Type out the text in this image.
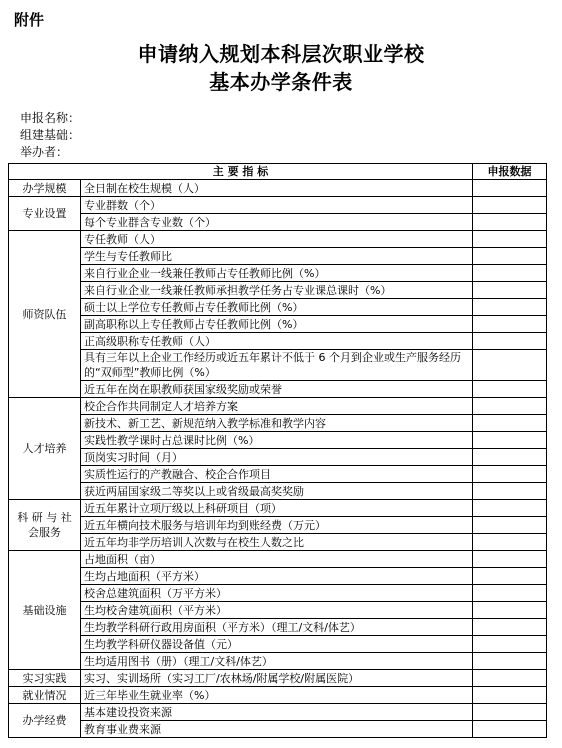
附件
申请纳入规划本科层次职业学校
基本办学条件表
申报名称：
组建基础：
举办者：
主 要 指 标		申报数据
办学规模	全日制在校生规模（人）	
专业设置	专业群数（个）	
	每个专业群含专业数（个）	
师资队伍	专任教师（人）	
	学生与专任教师比	
	来自行业企业一线兼任教师占专任教师比例（%）	
	来自行业企业一线兼任教师承担教学任务占专业课总课时（%）	
	硕士以上学位专任教师占专任教师比例（%）	
	副高职称以上专任教师占专任教师比例（%）	
	正高级职称专任教师（人）	
	具有三年以上企业工作经历或近五年累计不低于 6 个月到企业或生产服务经历的“双师型”教师比例（%）	
	近五年在岗在职教师获国家级奖励或荣誉	
人才培养	校企合作共同制定人才培养方案	
	新技术、新工艺、新规范纳入教学标准和教学内容	
	实践性教学课时占总课时比例（%）	
	顶岗实习时间（月）	
	实质性运行的产教融合、校企合作项目	
	获近两届国家级二等奖以上或省级最高奖奖励	
科 研 与 社会服务	近五年累计立项厅级以上科研项目（项）	
	近五年横向技术服务与培训年均到账经费（万元）	
	近五年均非学历培训人次数与在校生人数之比	
基础设施	占地面积（亩）	
	生均占地面积（平方米）	
	校舍总建筑面积（万平方米）	
	生均校舍建筑面积（平方米）	
	生均教学科研行政用房面积（平方米）（理工/文科/体艺）	
	生均教学科研仪器设备值（元）	
	生均适用图书（册）（理工/文科/体艺）	
实习实践	实习、实训场所（实习工厂/农林场/附属学校/附属医院）	
就业情况	近三年毕业生就业率（%）	
办学经费	基本建设投资来源	
	教育事业费来源	
